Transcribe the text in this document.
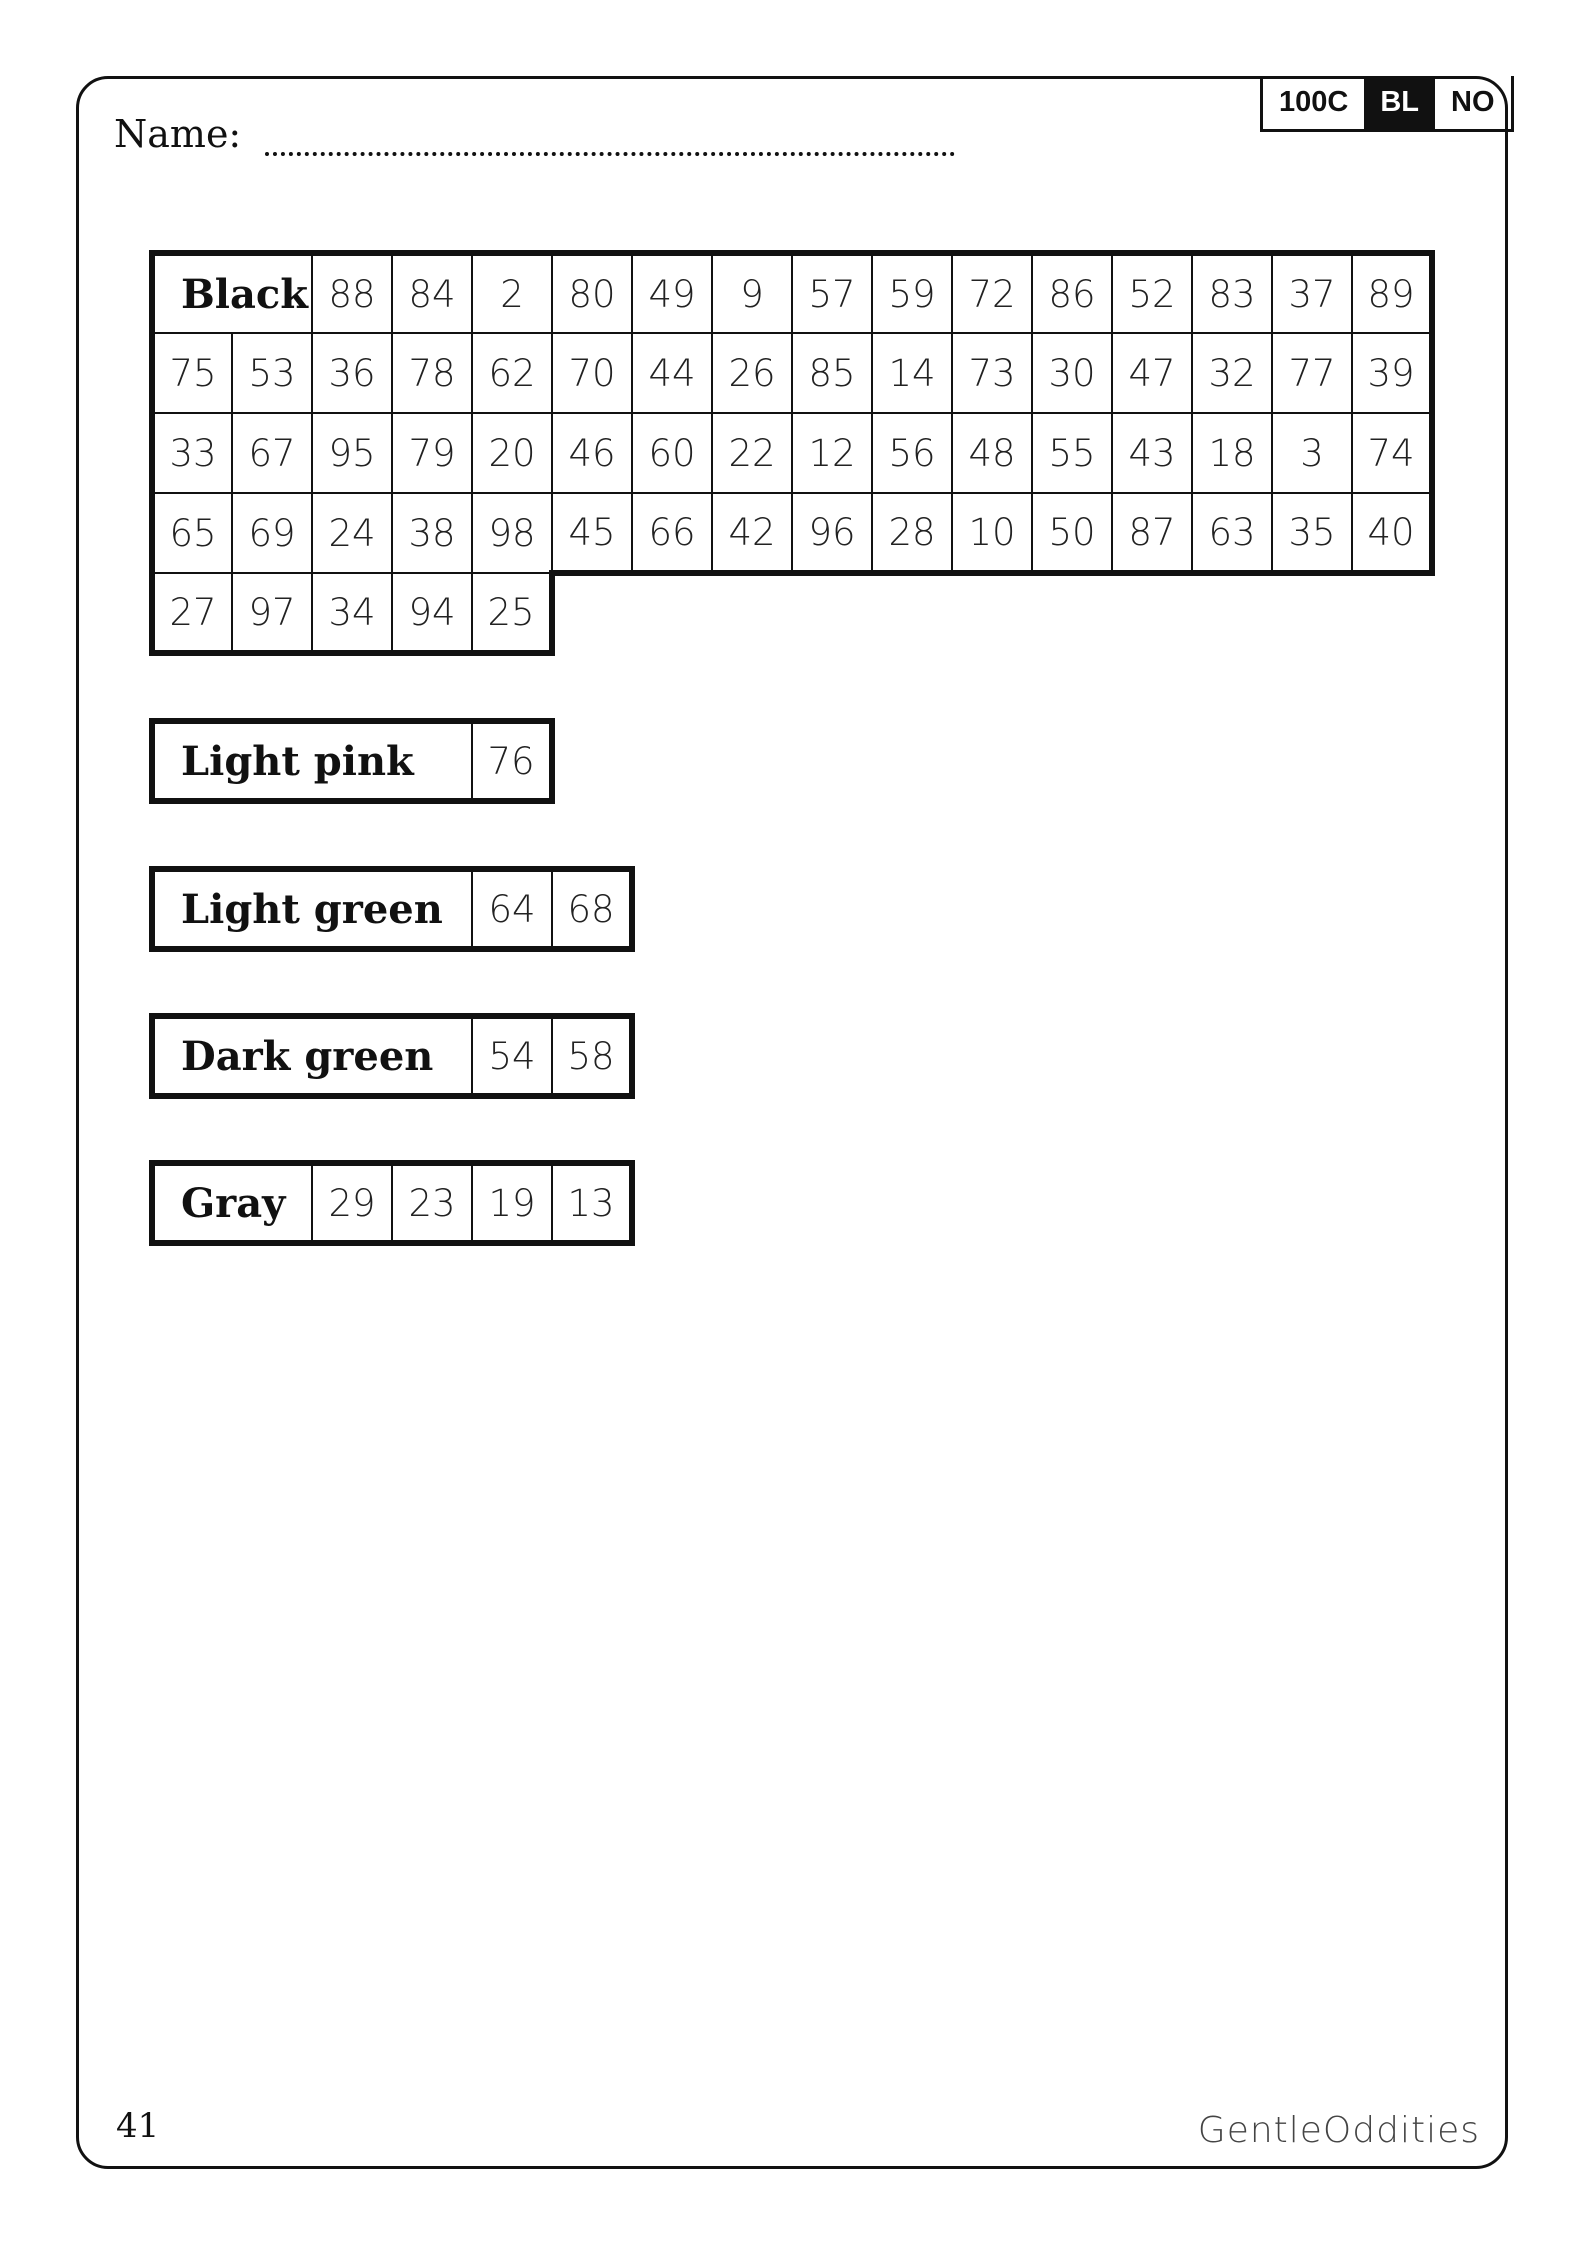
100C	BL	NO
Name:
Black		88	84	2	80	49	9	57	59	72	86	52	83	37	89
75	53	36	78	62	70	44	26	85	14	73	30	47	32	77	39
33	67	95	79	20	46	60	22	12	56	48	55	43	18	3	74
65	69	24	38	98	45	66	42	96	28	10	50	87	63	35	40
27	97	34	94	25											
Light pink	76
Light green	64	68
Dark green	54	58
Gray	29	23	19	13
41	GentleOddities
